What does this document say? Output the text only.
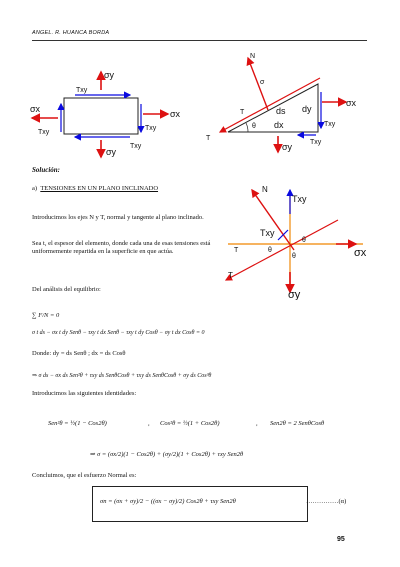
ANGEL. R. HUANCA BORDA
σy
Txy
σx
Txy
σx
Txy
Txy
σy
N
σ
T
T
ds dy
dx
θ
σx
Txy
σy	Txy
N
T
T
Txy
Txy
θ
θ
θ	σx
σy
Solución:
a) TENSIONES EN UN PLANO INCLINADO
Introducimos los ejes N y T, normal y tangente al plano inclinado.
Sea t, el espesor del elemento, donde cada una de esas tensiones está uniformemente repartida en la superficie en que actúa.
Del análisis del equilibrio:
∑ F/N = 0
σ t ds − σx t dy Senθ − τxy t dx Senθ − τxy t dy Cosθ − σy t dx Cosθ = 0
Donde: dy = ds Senθ ; dx = ds Cosθ
⇒ σ ds − σx ds Sen²θ + τxy ds SenθCosθ + τxy ds SenθCosθ + σy ds Cos³θ
Introducimos las siguientes identidades:
Sen²θ = ½(1 − Cos2θ)	, Cos²θ = ½(1 + Cos2θ)	, Sen2θ = 2 SenθCosθ
⇒ σ = (σx/2)(1 − Cos2θ) + (σy/2)(1 + Cos2θ) + τxy Sen2θ
Concluimos, que el esfuerzo Normal es:
σn = (σx + σy)/2 − ((σx − σy)/2) Cos2θ + τxy Sen2θ	……………(α)
95
